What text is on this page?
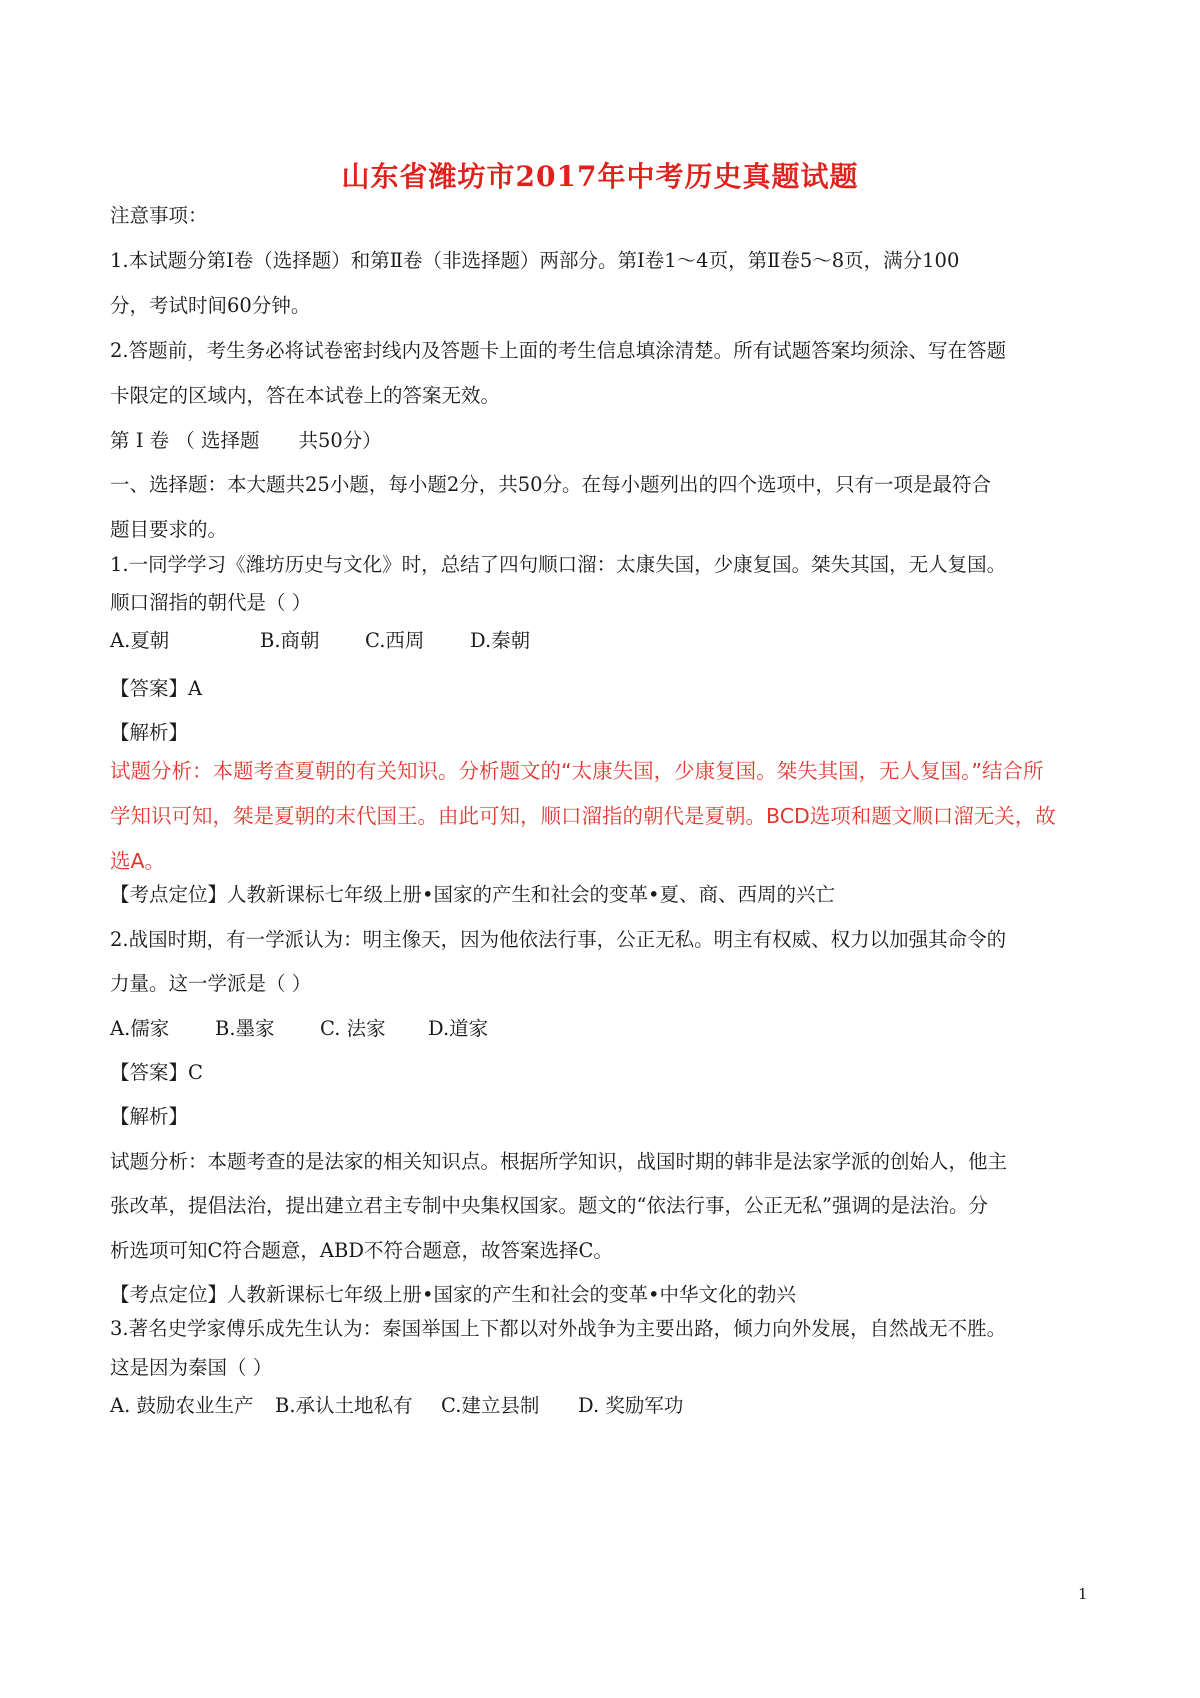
山东省潍坊市2017年中考历史真题试题
注意事项：
1.本试题分第Ⅰ卷（选择题）和第Ⅱ卷（非选择题）两部分。第Ⅰ卷1～4页，第Ⅱ卷5～8页，满分100
分，考试时间60分钟。
2.答题前，考生务必将试卷密封线内及答题卡上面的考生信息填涂清楚。所有试题答案均须涂、写在答题
卡限定的区域内，答在本试卷上的答案无效。
第 Ⅰ 卷 （ 选择题　　共50分）
一、选择题：本大题共25小题，每小题2分，共50分。在每小题列出的四个选项中，只有一项是最符合
题目要求的。
1.一同学学习《潍坊历史与文化》时，总结了四句顺口溜：太康失国，少康复国。桀失其国，无人复国。
顺口溜指的朝代是（ ）
A.夏朝	B.商朝 C.西周 D.秦朝
【答案】A
【解析】
试题分析：本题考查夏朝的有关知识。分析题文的“太康失国，少康复国。桀失其国，无人复国。”结合所
学知识可知，桀是夏朝的末代国王。由此可知，顺口溜指的朝代是夏朝。BCD选项和题文顺口溜无关，故
选A。
【考点定位】人教新课标七年级上册•国家的产生和社会的变革•夏、商、西周的兴亡
2.战国时期，有一学派认为：明主像天，因为他依法行事，公正无私。明主有权威、权力以加强其命令的
力量。这一学派是（ ）
A.儒家 B.墨家 C. 法家 D.道家
【答案】C
【解析】
试题分析：本题考查的是法家的相关知识点。根据所学知识，战国时期的韩非是法家学派的创始人，他主
张改革，提倡法治，提出建立君主专制中央集权国家。题文的“依法行事，公正无私”强调的是法治。分
析选项可知C符合题意，ABD不符合题意，故答案选择C。
【考点定位】人教新课标七年级上册•国家的产生和社会的变革•中华文化的勃兴
3.著名史学家傅乐成先生认为：秦国举国上下都以对外战争为主要出路，倾力向外发展，自然战无不胜。
这是因为秦国（ ）
A. 鼓励农业生产 B.承认土地私有 C.建立县制 D. 奖励军功
1
